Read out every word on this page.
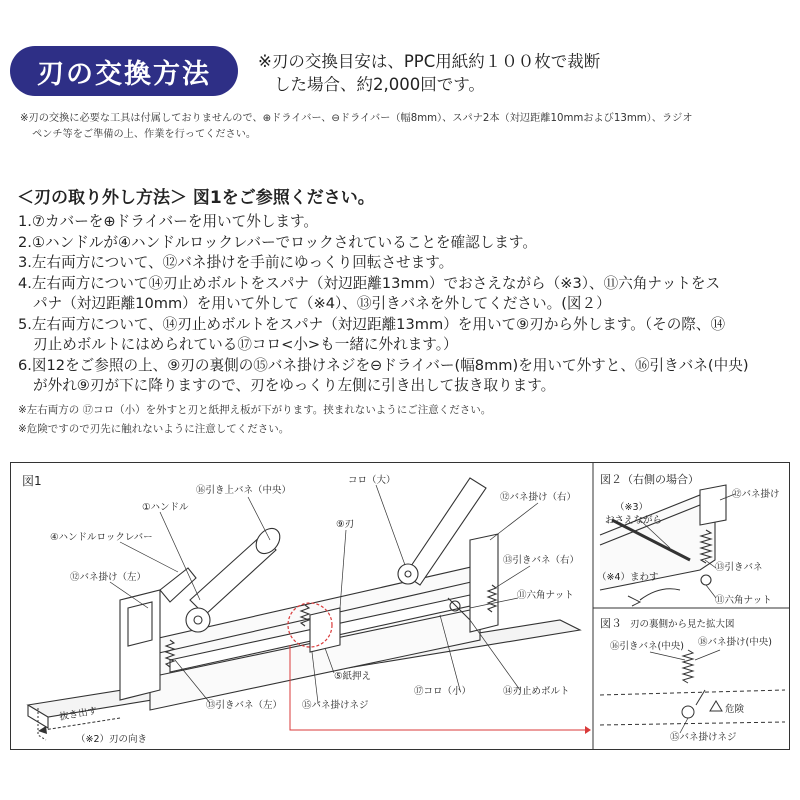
刃の交換方法	※刃の交換目安は、PPC用紙約１００枚で裁断
した場合、約2,000回です。
※刃の交換に必要な工具は付属しておりませんので、⊕ドライバー、⊖ドライバー（幅8mm）、スパナ2本（対辺距離10mmおよび13mm）、ラジオ
ペンチ等をご準備の上、作業を行ってください。
＜刃の取り外し方法＞ 図1をご参照ください。
1.⑦カバーを⊕ドライバーを用いて外します。
2.①ハンドルが④ハンドルロックレバーでロックされていることを確認します。
3.左右両方について、⑫バネ掛けを手前にゆっくり回転させます。
4.左右両方について⑭刃止めボルトをスパナ（対辺距離13mm）でおさえながら（※3）、⑪六角ナットをス
パナ（対辺距離10mm）を用いて外して（※4）、⑬引きバネを外してください。(図２）
5.左右両方について、⑭刃止めボルトをスパナ（対辺距離13mm）を用いて⑨刃から外します。（その際、⑭
刃止めボルトにはめられている⑰コロ<小>も一緒に外れます。）
6.図12をご参照の上、⑨刃の裏側の⑮バネ掛けネジを⊖ドライバー(幅8mm)を用いて外すと、⑯引きバネ(中央)
が外れ⑨刃が下に降りますので、刃をゆっくり左側に引き出して抜き取ります。
※左右両方の ⑰コロ（小）を外すと刃と紙押え板が下がります。挟まれないようにご注意ください。
※危険ですので刃先に触れないように注意してください。
図1
⑯引き上バネ（中央）
①ハンドル
コロ（大）
⑫バネ掛け（右）
⑨刃
④ハンドルロックレバー
⑫バネ掛け（左）
⑬引きバネ（右）
⑪六角ナット
⑤紙押え
⑬引きバネ（左） ⑮バネ掛けネジ
⑰コロ（小）	⑭刃止めボルト
抜き出す
（※2）刃の向き
図２（右側の場合）
⑫バネ掛け
（※3）
おさえながら
（※4）まわす
⑬引きバネ
⑪六角ナット
図３ 刃の裏側から見た拡大図
⑯引きバネ(中央) ⑱バネ掛け(中央)
危険
⑮バネ掛けネジ
